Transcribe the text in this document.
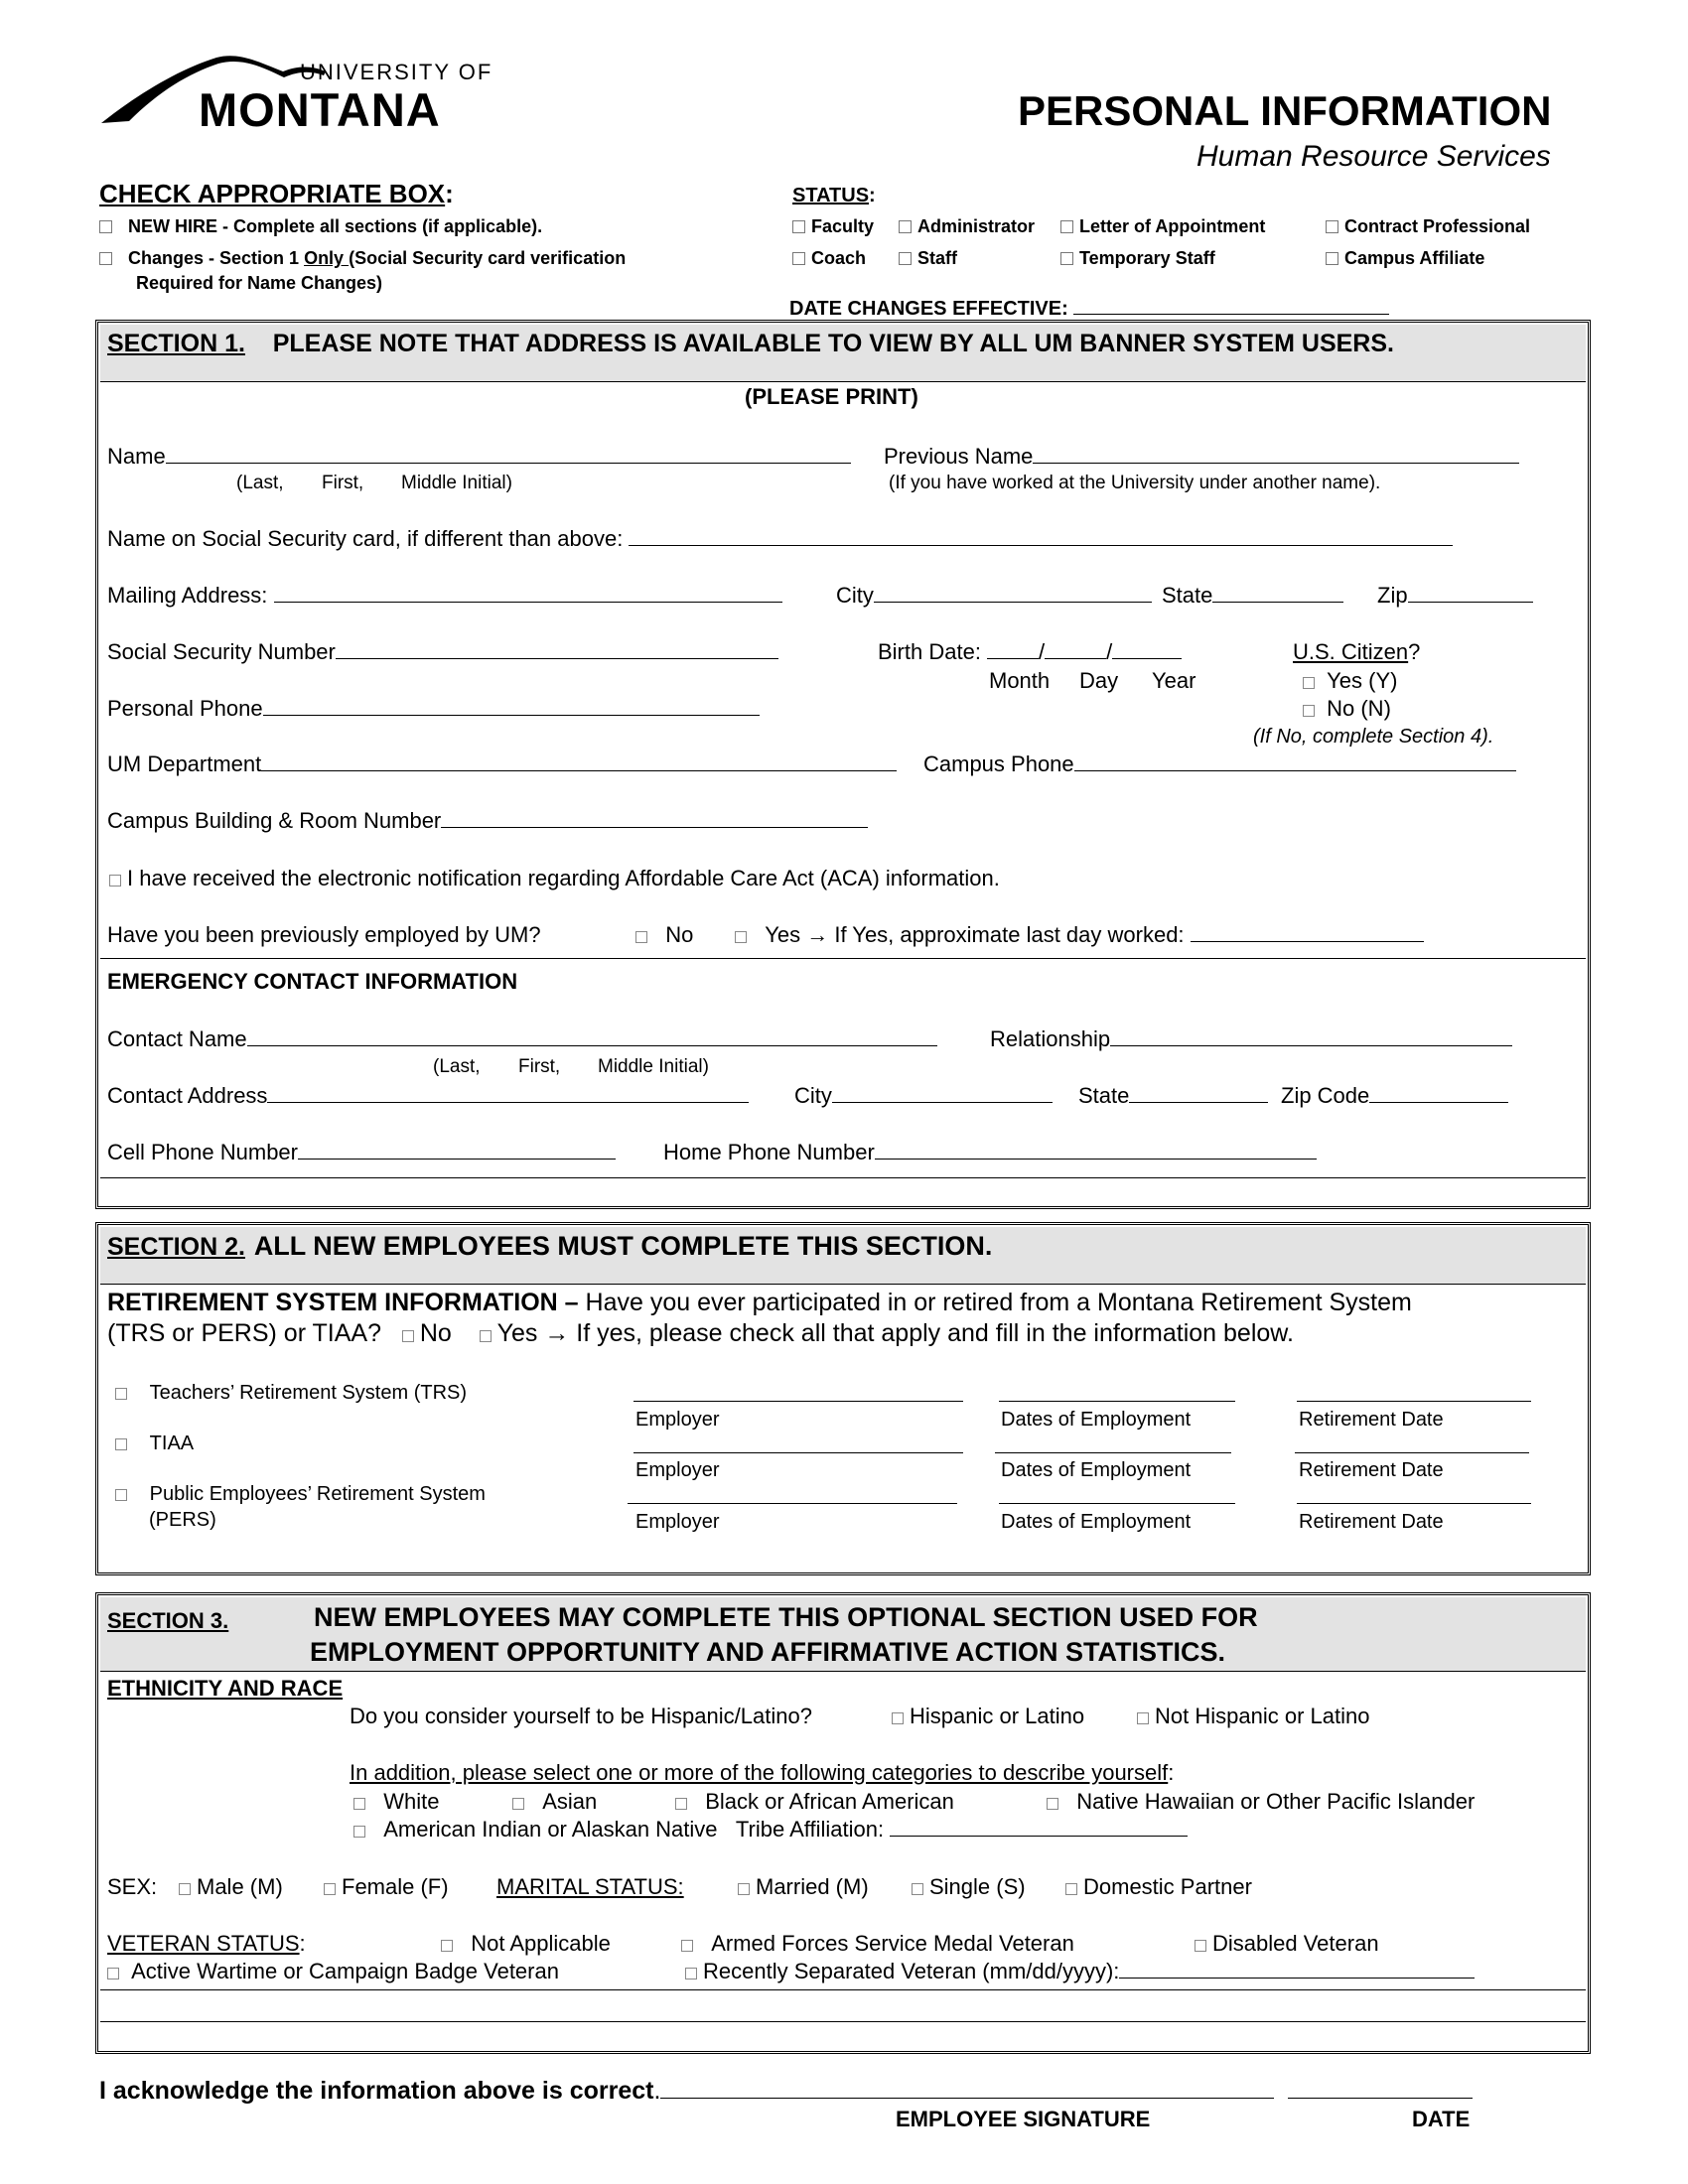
UNIVERSITY OF
MONTANA	PERSONAL INFORMATION
Human Resource Services
CHECK APPROPRIATE BOX:
NEW HIRE - Complete all sections (if applicable).
Changes - Section 1 Only (Social Security card verification
Required for Name Changes)
STATUS:
Faculty	Administrator	Letter of Appointment	Contract Professional
Coach	Staff	Temporary Staff	Campus Affiliate
DATE CHANGES EFFECTIVE:
SECTION 1. PLEASE NOTE THAT ADDRESS IS AVAILABLE TO VIEW BY ALL UM BANNER SYSTEM USERS.
(PLEASE PRINT)
Name
(Last, First, Middle Initial)
Previous Name
(If you have worked at the University under another name).
Name on Social Security card, if different than above:
Mailing Address:	City	State	Zip
Social Security Number	Birth Date: /	/
Month Day Year
U.S. Citizen?
Yes (Y)
No (N)
(If No, complete Section 4).
Personal Phone
UM Department	Campus Phone
Campus Building & Room Number
I have received the electronic notification regarding Affordable Care Act (ACA) information.
Have you been previously employed by UM?	No	Yes → If Yes, approximate last day worked:
EMERGENCY CONTACT INFORMATION
Contact Name
(Last, First, Middle Initial)
Relationship
Contact Address	City	State	Zip Code
Cell Phone Number	Home Phone Number
SECTION 2. ALL NEW EMPLOYEES MUST COMPLETE THIS SECTION.
RETIREMENT SYSTEM INFORMATION – Have you ever participated in or retired from a Montana Retirement System
(TRS or PERS) or TIAA? No Yes → If yes, please check all that apply and fill in the information below.
Teachers’ Retirement System (TRS)
TIAA
Public Employees’ Retirement System
(PERS)
Employer	Dates of Employment	Retirement Date
Employer	Dates of Employment	Retirement Date
Employer	Dates of Employment	Retirement Date
SECTION 3.	NEW EMPLOYEES MAY COMPLETE THIS OPTIONAL SECTION USED FOR
EMPLOYMENT OPPORTUNITY AND AFFIRMATIVE ACTION STATISTICS.
ETHNICITY AND RACE
Do you consider yourself to be Hispanic/Latino?	Hispanic or Latino	Not Hispanic or Latino
In addition, please select one or more of the following categories to describe yourself:
White	Asian	Black or African American	Native Hawaiian or Other Pacific Islander
American Indian or Alaskan Native Tribe Affiliation:
SEX:	Male (M)	Female (F) MARITAL STATUS:	Married (M)	Single (S)	Domestic Partner
VETERAN STATUS:	Not Applicable	Armed Forces Service Medal Veteran	Disabled Veteran
Active Wartime or Campaign Badge Veteran	Recently Separated Veteran (mm/dd/yyyy):
I acknowledge the information above is correct.
EMPLOYEE SIGNATURE	DATE
